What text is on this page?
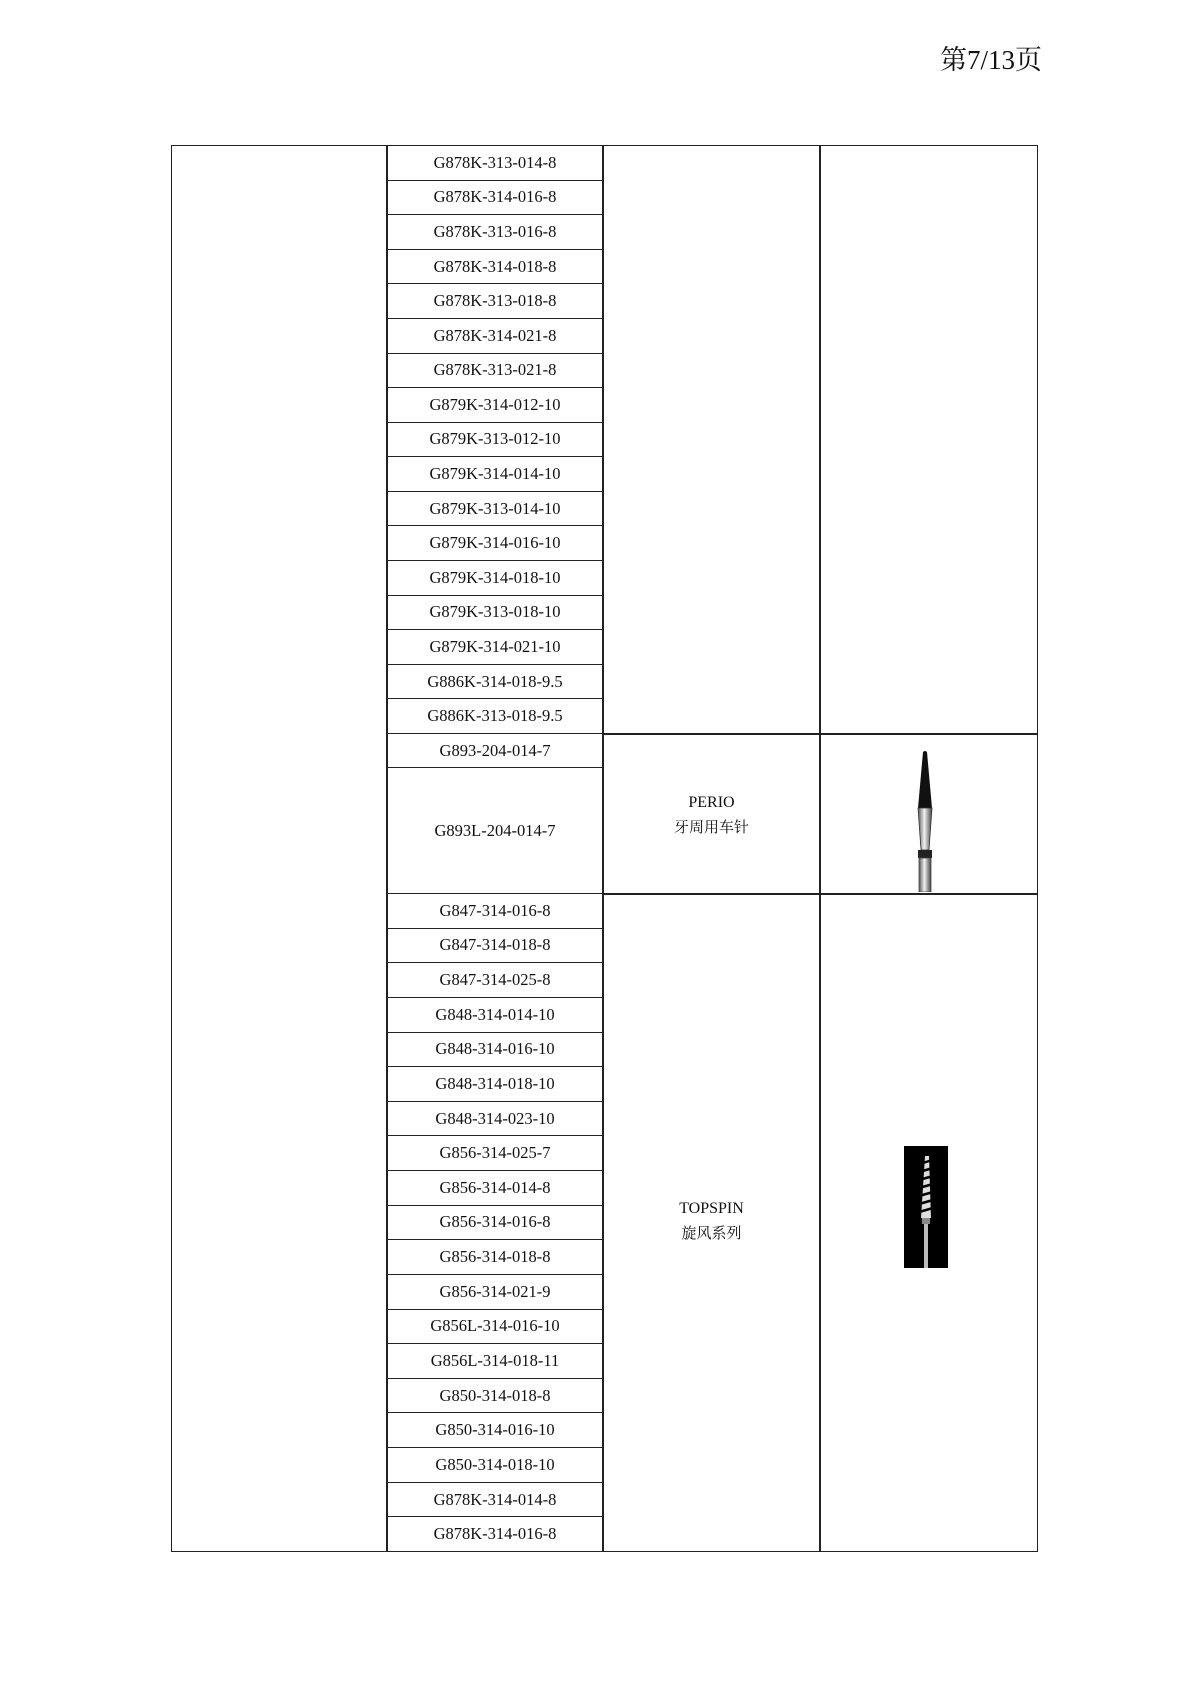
第7/13页
G878K-313-014-8
G878K-314-016-8
G878K-313-016-8
G878K-314-018-8
G878K-313-018-8
G878K-314-021-8
G878K-313-021-8
G879K-314-012-10
G879K-313-012-10
G879K-314-014-10
G879K-313-014-10
G879K-314-016-10
G879K-314-018-10
G879K-313-018-10
G879K-314-021-10
G886K-314-018-9.5
G886K-313-018-9.5
G893-204-014-7
G893L-204-014-7
G847-314-016-8
G847-314-018-8
G847-314-025-8
G848-314-014-10
G848-314-016-10
G848-314-018-10
G848-314-023-10
G856-314-025-7
G856-314-014-8
G856-314-016-8
G856-314-018-8
G856-314-021-9
G856L-314-016-10
G856L-314-018-11
G850-314-018-8
G850-314-016-10
G850-314-018-10
G878K-314-014-8
G878K-314-016-8
PERIO
牙周用车针
TOPSPIN
旋风系列
